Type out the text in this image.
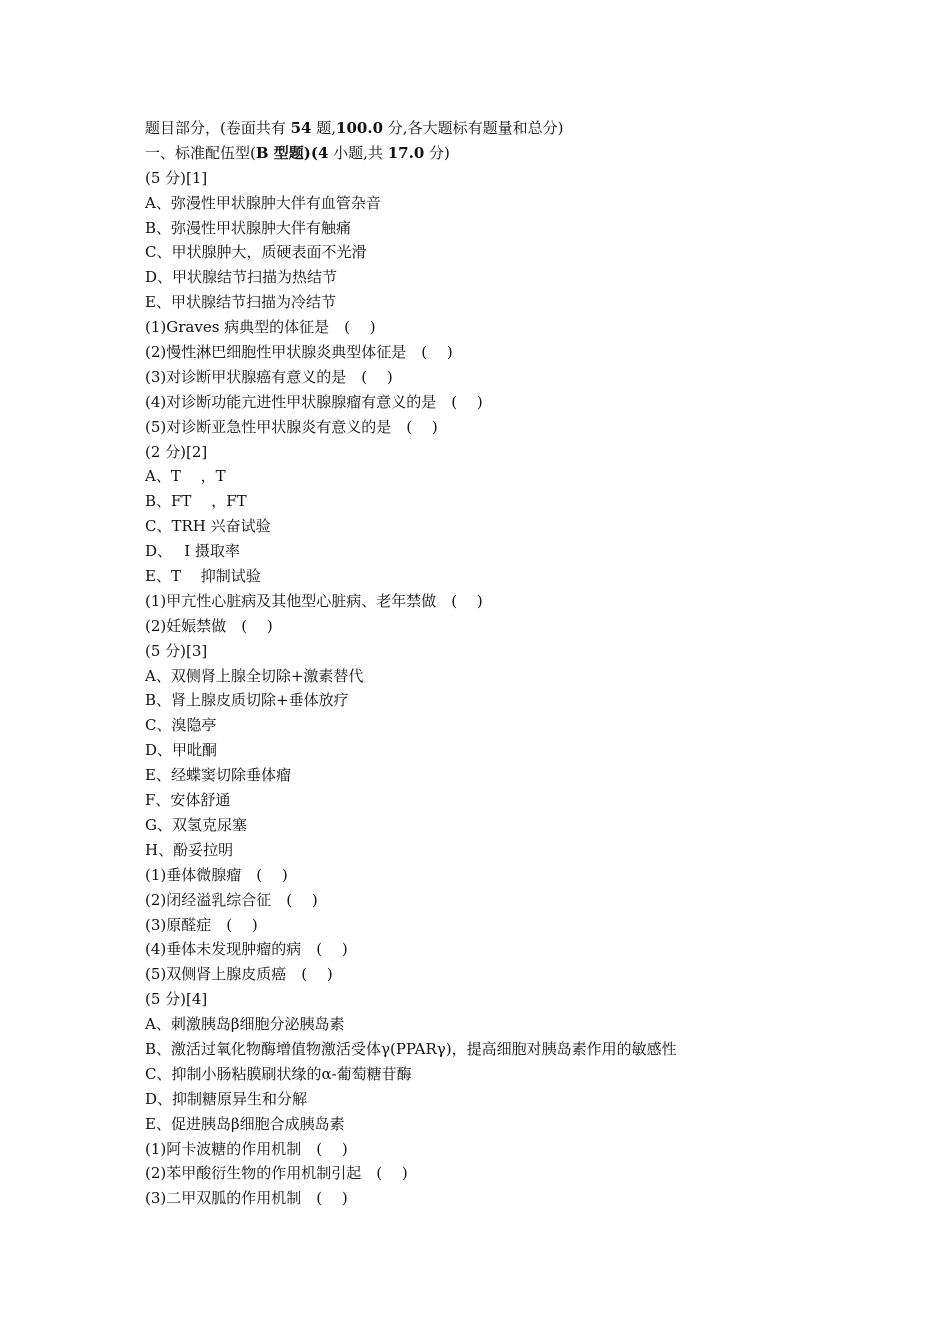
题目部分，(卷面共有 54 题,100.0 分,各大题标有题量和总分)
一、标准配伍型(B 型题)(4 小题,共 17.0 分)
(5 分)[1]
A、弥漫性甲状腺肿大伴有血管杂音
B、弥漫性甲状腺肿大伴有触痛
C、甲状腺肿大，质硬表面不光滑
D、甲状腺结节扫描为热结节
E、甲状腺结节扫描为冷结节
(1)Graves 病典型的体征是　(　 )
(2)慢性淋巴细胞性甲状腺炎典型体征是　(　 )
(3)对诊断甲状腺癌有意义的是　(　 )
(4)对诊断功能亢进性甲状腺腺瘤有意义的是　(　 )
(5)对诊断亚急性甲状腺炎有意义的是　(　 )
(2 分)[2]
A、T　 ，T
B、FT　 ，FT
C、TRH 兴奋试验
D、　 I 摄取率
E、T　 抑制试验
(1)甲亢性心脏病及其他型心脏病、老年禁做　(　 )
(2)妊娠禁做　(　 )
(5 分)[3]
A、双侧肾上腺全切除+激素替代
B、肾上腺皮质切除+垂体放疗
C、溴隐亭
D、甲吡酮
E、经蝶窦切除垂体瘤
F、安体舒通
G、双氢克尿塞
H、酚妥拉明
(1)垂体微腺瘤　(　 )
(2)闭经溢乳综合征　(　 )
(3)原醛症　(　 )
(4)垂体未发现肿瘤的病　(　 )
(5)双侧肾上腺皮质癌　(　 )
(5 分)[4]
A、刺激胰岛β细胞分泌胰岛素
B、激活过氧化物酶增值物激活受体γ(PPARγ)，提高细胞对胰岛素作用的敏感性
C、抑制小肠粘膜刷状缘的α-葡萄糖苷酶
D、抑制糖原异生和分解
E、促进胰岛β细胞合成胰岛素
(1)阿卡波糖的作用机制　(　 )
(2)苯甲酸衍生物的作用机制引起　(　 )
(3)二甲双胍的作用机制　(　 )
